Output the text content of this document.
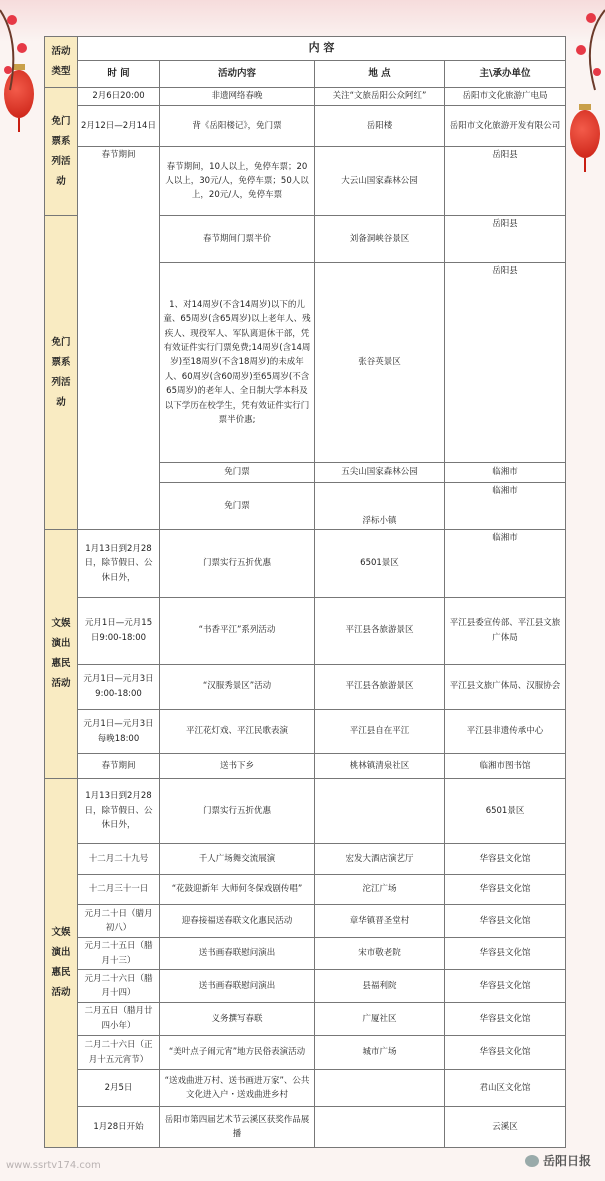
活动类型	内 容			
	时 间	活动内容	地 点	主\承办单位
免门票系列活动	2月6日20:00	非遗网络春晚	关注“文旅岳阳公众阿红”	岳阳市文化旅游广电局
	2月12日—2月14日	背《岳阳楼记》，免门票	岳阳楼	岳阳市文化旅游开发有限公司
	春节期间	春节期间，10人以上，免停车票；20人以上，30元/人，免停车票；50人以上，20元/人，免停车票	大云山国家森林公园	岳阳县
免门票系列活动		春节期间门票半价	刘备洞峡谷景区	岳阳县
		1、对14周岁(不含14周岁)以下的儿童、65周岁(含65周岁)以上老年人、残疾人、现役军人、军队离退休干部，凭有效证件实行门票免费;14周岁(含14周岁)至18周岁(不含18周岁)的未成年人、60周岁(含60周岁)至65周岁(不含65周岁)的老年人、全日制大学本科及以下学历在校学生，凭有效证件实行门票半价惠;	张谷英景区	岳阳县
		免门票	五尖山国家森林公园	临湘市
		免门票	浮标小镇	临湘市
文娱演出惠民活动	1月13日到2月28日，除节假日、公休日外，	门票实行五折优惠	6501景区	临湘市
	元月1日—元月15日9:00-18:00	“书香平江”系列活动	平江县各旅游景区	平江县委宣传部、平江县文旅广体局
	元月1日—元月3日9:00-18:00	“汉服秀景区”活动	平江县各旅游景区	平江县文旅广体局、汉服协会
	元月1日—元月3日每晚18:00	平江花灯戏、平江民歌表演	平江县自在平江	平江县非遗传承中心
	春节期间	送书下乡	桃林镇清泉社区	临湘市图书馆
文娱演出惠民活动	1月13日到2月28日，除节假日、公休日外，	门票实行五折优惠		6501景区
	十二月二十九号	千人广场舞交流展演	宏发大酒店演艺厅	华容县文化馆
	十二月三十一日	“花鼓迎新年 大师何冬保戏剧传唱”	沱江广场	华容县文化馆
	元月二十日（腊月初八）	迎春接福送春联文化惠民活动	章华镇晋圣堂村	华容县文化馆
	元月二十五日（腊月十三）	送书画春联慰问演出	宋市敬老院	华容县文化馆
	元月二十六日（腊月十四）	送书画春联慰问演出	县福利院	华容县文化馆
	二月五日（腊月廿四小年）	义务撰写春联	广厦社区	华容县文化馆
	二月二十六日（正月十五元宵节）	“美叶点子闹元宵”地方民俗表演活动	城市广场	华容县文化馆
	2月5日	“送戏曲进万村、送书画进万家”、公共文化进入户・送戏曲进乡村		君山区文化馆
	1月28日开始	岳阳市第四届艺术节云溪区获奖作品展播		云溪区
www.ssrtv174.com	岳阳日报
